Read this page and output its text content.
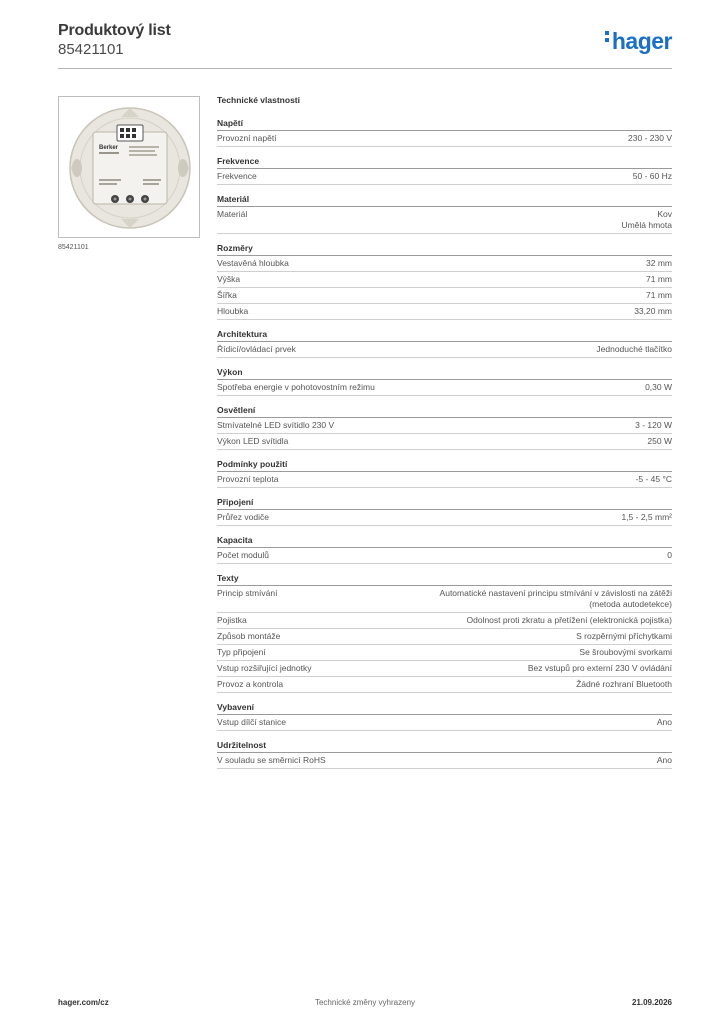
Produktový list
85421101	hager
Berker
85421101
Technické vlastnosti
Napětí
Provozní napětí	230 - 230 V
Frekvence
Frekvence	50 - 60 Hz
Materiál
Materiál	Kov
Umělá hmota
Rozměry
Vestavěná hloubka	32 mm
Výška	71 mm
Šířka	71 mm
Hloubka	33,20 mm
Architektura
Řídicí/ovládací prvek	Jednoduché tlačítko
Výkon
Spotřeba energie v pohotovostním režimu	0,30 W
Osvětlení
Stmívatelné LED svítidlo 230 V	3 - 120 W
Výkon LED svítidla	250 W
Podmínky použití
Provozní teplota	-5 - 45 °C
Připojení
Průřez vodiče	1,5 - 2,5 mm²
Kapacita
Počet modulů	0
Texty
Princip stmívání	Automatické nastavení principu stmívání v závislosti na zátěži
(metoda autodetekce)
Pojistka	Odolnost proti zkratu a přetížení (elektronická pojistka)
Způsob montáže	S rozpěrnými příchytkami
Typ připojení	Se šroubovými svorkami
Vstup rozšiřující jednotky	Bez vstupů pro externí 230 V ovládání
Provoz a kontrola	Žádné rozhraní Bluetooth
Vybavení
Vstup dílčí stanice	Ano
Udržitelnost
V souladu se směrnicí RoHS	Ano
hager.com/cz	Technické změny vyhrazeny	21.09.2026
